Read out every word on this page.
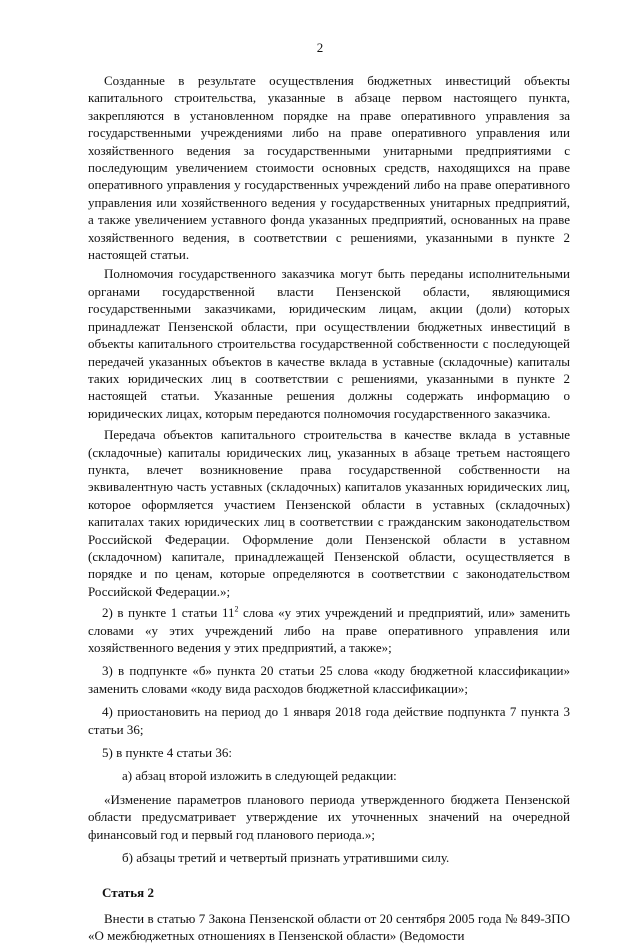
2

Созданные в результате осуществления бюджетных инвестиций объекты капитального строительства, указанные в абзаце первом настоящего пункта, закрепляются в установленном порядке на праве оперативного управления за государственными учреждениями либо на праве оперативного управления или хозяйственного ведения за государственными унитарными предприятиями с последующим увеличением стоимости основных средств, находящихся на праве оперативного управления у государственных учреждений либо на праве оперативного управления или хозяйственного ведения у государственных унитарных предприятий, а также увеличением уставного фонда указанных предприятий, основанных на праве хозяйственного ведения, в соответствии с решениями, указанными в пункте 2 настоящей статьи.

Полномочия государственного заказчика могут быть переданы исполнительными органами государственной власти Пензенской области, являющимися государственными заказчиками, юридическим лицам, акции (доли) которых принадлежат Пензенской области, при осуществлении бюджетных инвестиций в объекты капитального строительства государственной собственности с последующей передачей указанных объектов в качестве вклада в уставные (складочные) капиталы таких юридических лиц в соответствии с решениями, указанными в пункте 2 настоящей статьи. Указанные решения должны содержать информацию о юридических лицах, которым передаются полномочия государственного заказчика.

Передача объектов капитального строительства в качестве вклада в уставные (складочные) капиталы юридических лиц, указанных в абзаце третьем настоящего пункта, влечет возникновение права государственной собственности на эквивалентную часть уставных (складочных) капиталов указанных юридических лиц, которое оформляется участием Пензенской области в уставных (складочных) капиталах таких юридических лиц в соответствии с гражданским законодательством Российской Федерации. Оформление доли Пензенской области в уставном (складочном) капитале, принадлежащей Пензенской области, осуществляется в порядке и по ценам, которые определяются в соответствии с законодательством Российской Федерации.»;

2) в пункте 1 статьи $11^2$ слова «у этих учреждений и предприятий, или» заменить словами «у этих учреждений либо на праве оперативного управления или хозяйственного ведения у этих предприятий, а также»;

3) в подпункте «б» пункта 20 статьи 25 слова «коду бюджетной классификации» заменить словами «коду вида расходов бюджетной классификации»;

4) приостановить на период до 1 января 2018 года действие подпункта 7 пункта 3 статьи 36;

5) в пункте 4 статьи 36:

а) абзац второй изложить в следующей редакции:

«Изменение параметров планового периода утвержденного бюджета Пензенской области предусматривает утверждение их уточненных значений на очередной финансовый год и первый год планового периода.»;

б) абзацы третий и четвертый признать утратившими силу.

Статья 2

Внести в статью 7 Закона Пензенской области от 20 сентября 2005 года № 849-ЗПО «О межбюджетных отношениях в Пензенской области» (Ведомости
